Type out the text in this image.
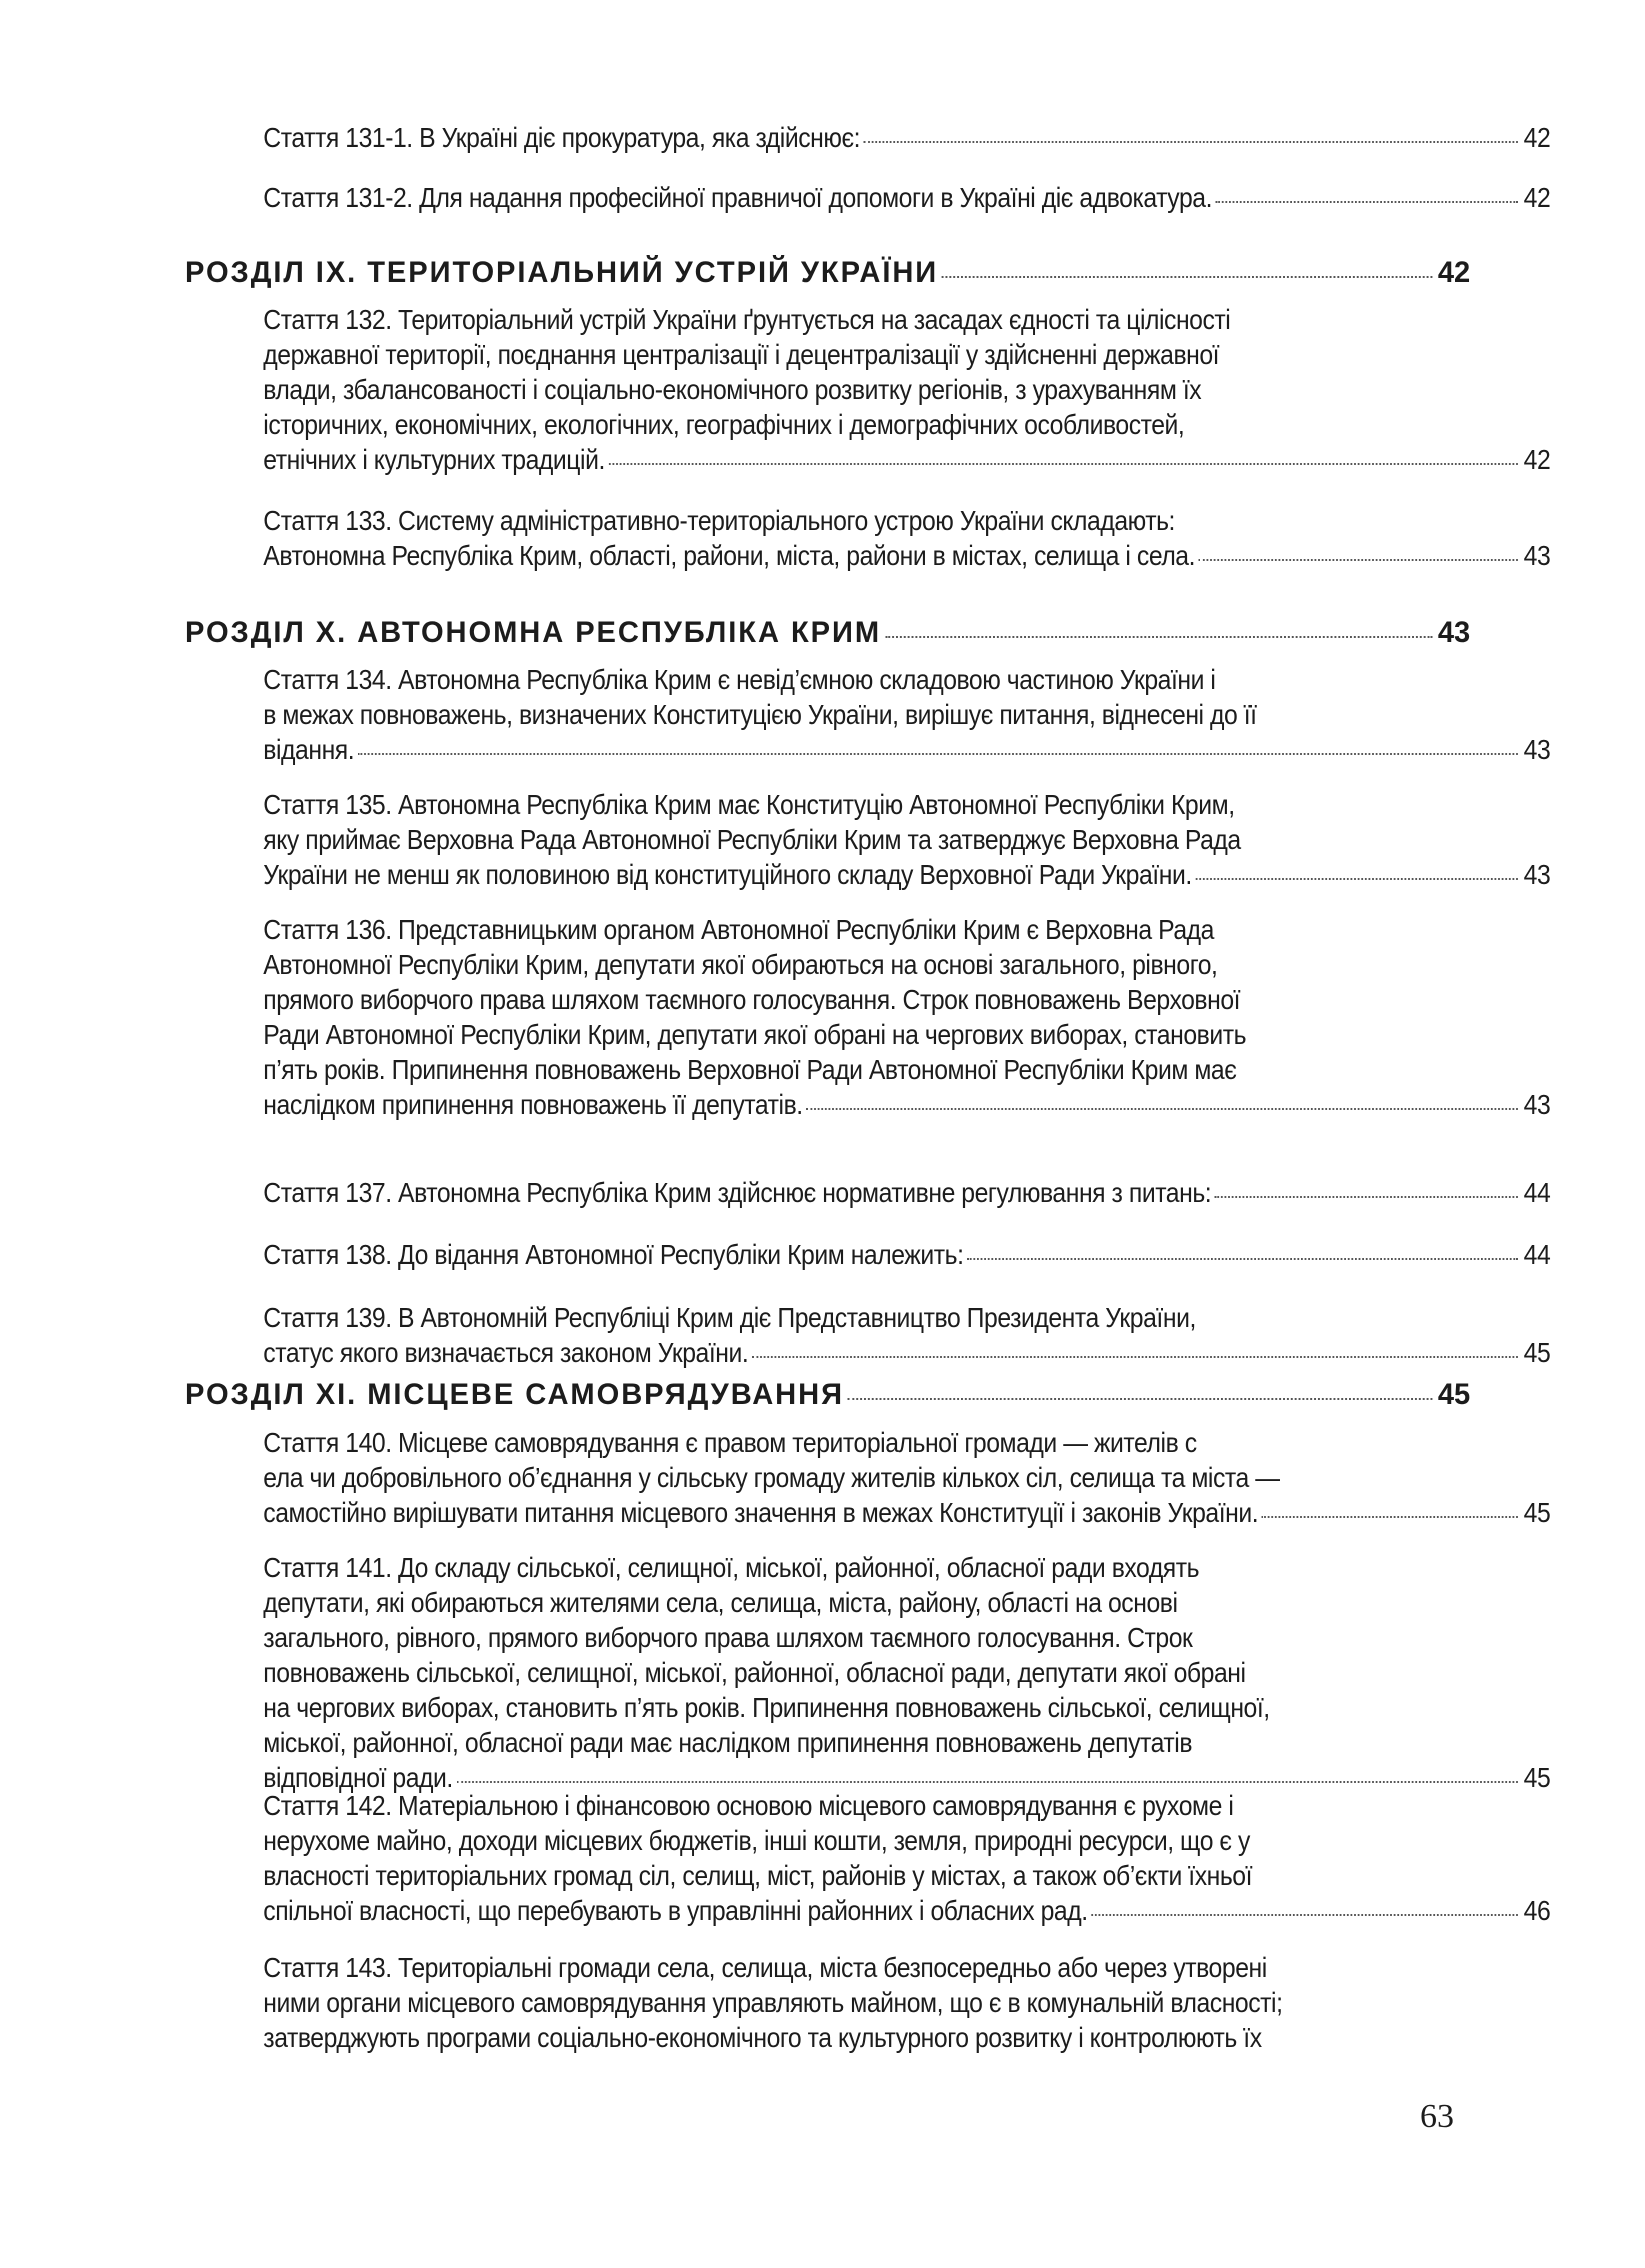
Стаття 131-1. В Україні діє прокуратура, яка здійснює:	42
Стаття 131-2. Для надання професійної правничої допомоги в Україні діє адвокатура.	42
РОЗДІЛ IX. ТЕРИТОРІАЛЬНИЙ УСТРІЙ УКРАЇНИ	42
Стаття 132. Територіальний устрій України ґрунтується на засадах єдності та цілісності
державної території, поєднання централізації і децентралізації у здійсненні державної
влади, збалансованості і соціально-економічного розвитку регіонів, з урахуванням їх
історичних, економічних, екологічних, географічних і демографічних особливостей,
етнічних і культурних традицій.	42
Стаття 133. Систему адміністративно-територіального устрою України складають:
Автономна Республіка Крим, області, райони, міста, райони в містах, селища і села.	43
РОЗДІЛ X. АВТОНОМНА РЕСПУБЛІКА КРИМ	43
Стаття 134. Автономна Республіка Крим є невід’ємною складовою частиною України і
в межах повноважень, визначених Конституцією України, вирішує питання, віднесені до її
відання.	43
Стаття 135. Автономна Республіка Крим має Конституцію Автономної Республіки Крим,
яку приймає Верховна Рада Автономної Республіки Крим та затверджує Верховна Рада
України не менш як половиною від конституційного складу Верховної Ради України.	43
Стаття 136. Представницьким органом Автономної Республіки Крим є Верховна Рада
Автономної Республіки Крим, депутати якої обираються на основі загального, рівного,
прямого виборчого права шляхом таємного голосування. Строк повноважень Верховної
Ради Автономної Республіки Крим, депутати якої обрані на чергових виборах, становить
п’ять років. Припинення повноважень Верховної Ради Автономної Республіки Крим має
наслідком припинення повноважень її депутатів.	43
Стаття 137. Автономна Республіка Крим здійснює нормативне регулювання з питань:	44
Стаття 138. До відання Автономної Республіки Крим належить:	44
Стаття 139. В Автономній Республіці Крим діє Представництво Президента України,
статус якого визначається законом України.	45
РОЗДІЛ XI. МІСЦЕВЕ САМОВРЯДУВАННЯ	45
Стаття 140. Місцеве самоврядування є правом територіальної громади — жителів с
ела чи добровільного об’єднання у сільську громаду жителів кількох сіл, селища та міста —
самостійно вирішувати питання місцевого значення в межах Конституції і законів України.	45
Стаття 141. До складу сільської, селищної, міської, районної, обласної ради входять
депутати, які обираються жителями села, селища, міста, району, області на основі
загального, рівного, прямого виборчого права шляхом таємного голосування. Строк
повноважень сільської, селищної, міської, районної, обласної ради, депутати якої обрані
на чергових виборах, становить п’ять років. Припинення повноважень сільської, селищної,
міської, районної, обласної ради має наслідком припинення повноважень депутатів
відповідної ради.	45
Стаття 142. Матеріальною і фінансовою основою місцевого самоврядування є рухоме і
нерухоме майно, доходи місцевих бюджетів, інші кошти, земля, природні ресурси, що є у
власності територіальних громад сіл, селищ, міст, районів у містах, а також об’єкти їхньої
спільної власності, що перебувають в управлінні районних і обласних рад.	46
Стаття 143. Територіальні громади села, селища, міста безпосередньо або через утворені
ними органи місцевого самоврядування управляють майном, що є в комунальній власності;
затверджують програми соціально-економічного та культурного розвитку і контролюють їх
63
